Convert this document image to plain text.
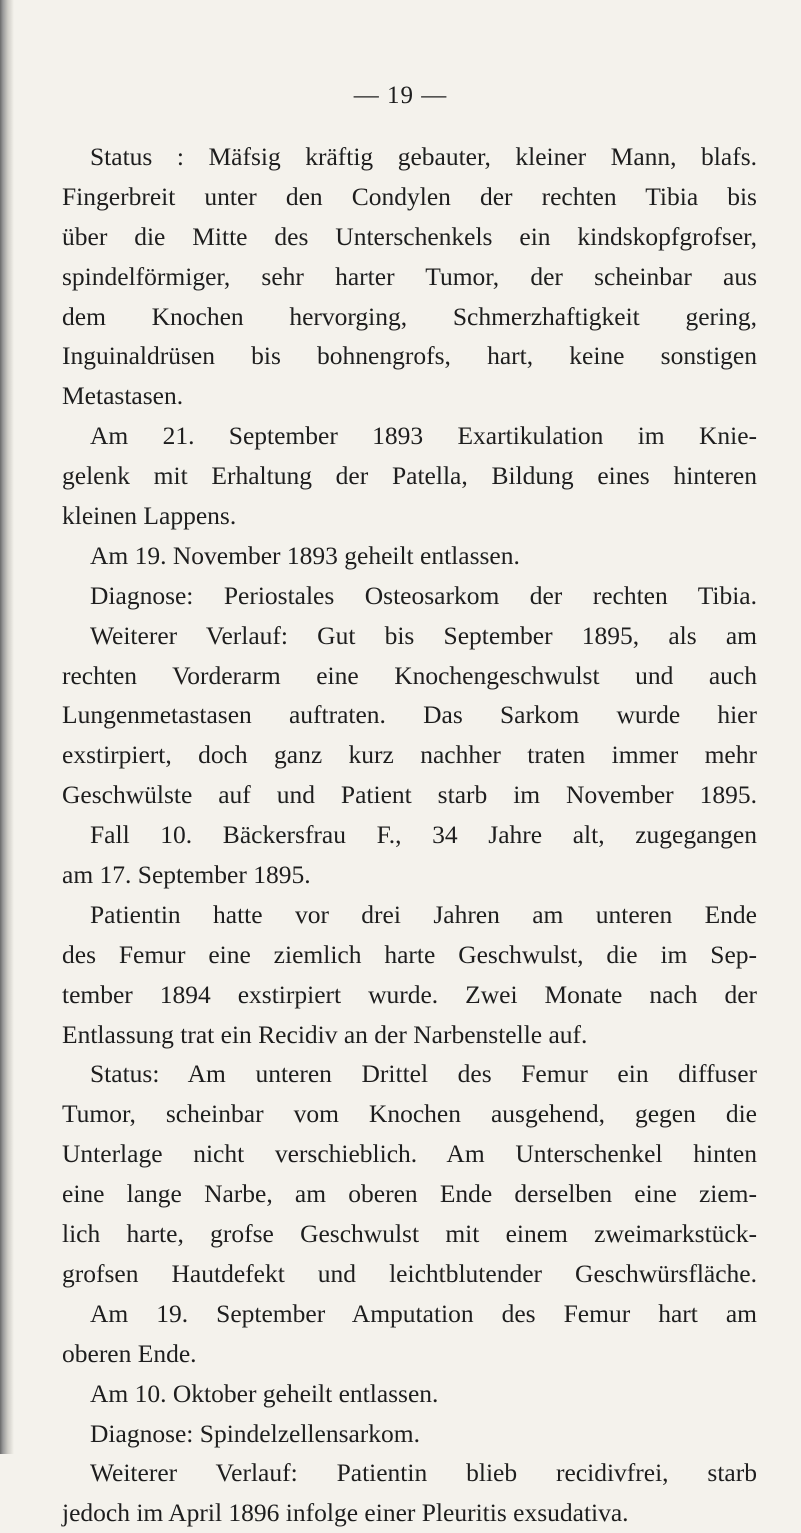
— 19 —
Status : Mäfsig kräftig gebauter, kleiner Mann, blafs.
Fingerbreit unter den Condylen der rechten Tibia bis
über die Mitte des Unterschenkels ein kindskopfgrofser,
spindelförmiger, sehr harter Tumor, der scheinbar aus
dem Knochen hervorging, Schmerzhaftigkeit gering,
Inguinaldrüsen bis bohnengrofs, hart, keine sonstigen
Metastasen.
Am 21. September 1893 Exartikulation im Knie-
gelenk mit Erhaltung der Patella, Bildung eines hinteren
kleinen Lappens.
Am 19. November 1893 geheilt entlassen.
Diagnose: Periostales Osteosarkom der rechten Tibia.
Weiterer Verlauf: Gut bis September 1895, als am
rechten Vorderarm eine Knochengeschwulst und auch
Lungenmetastasen auftraten. Das Sarkom wurde hier
exstirpiert, doch ganz kurz nachher traten immer mehr
Geschwülste auf und Patient starb im November 1895.
Fall 10. Bäckersfrau F., 34 Jahre alt, zugegangen
am 17. September 1895.
Patientin hatte vor drei Jahren am unteren Ende
des Femur eine ziemlich harte Geschwulst, die im Sep-
tember 1894 exstirpiert wurde. Zwei Monate nach der
Entlassung trat ein Recidiv an der Narbenstelle auf.
Status: Am unteren Drittel des Femur ein diffuser
Tumor, scheinbar vom Knochen ausgehend, gegen die
Unterlage nicht verschieblich. Am Unterschenkel hinten
eine lange Narbe, am oberen Ende derselben eine ziem-
lich harte, grofse Geschwulst mit einem zweimarkstück-
grofsen Hautdefekt und leichtblutender Geschwürsfläche.
Am 19. September Amputation des Femur hart am
oberen Ende.
Am 10. Oktober geheilt entlassen.
Diagnose: Spindelzellensarkom.
Weiterer Verlauf: Patientin blieb recidivfrei, starb
jedoch im April 1896 infolge einer Pleuritis exsudativa.
